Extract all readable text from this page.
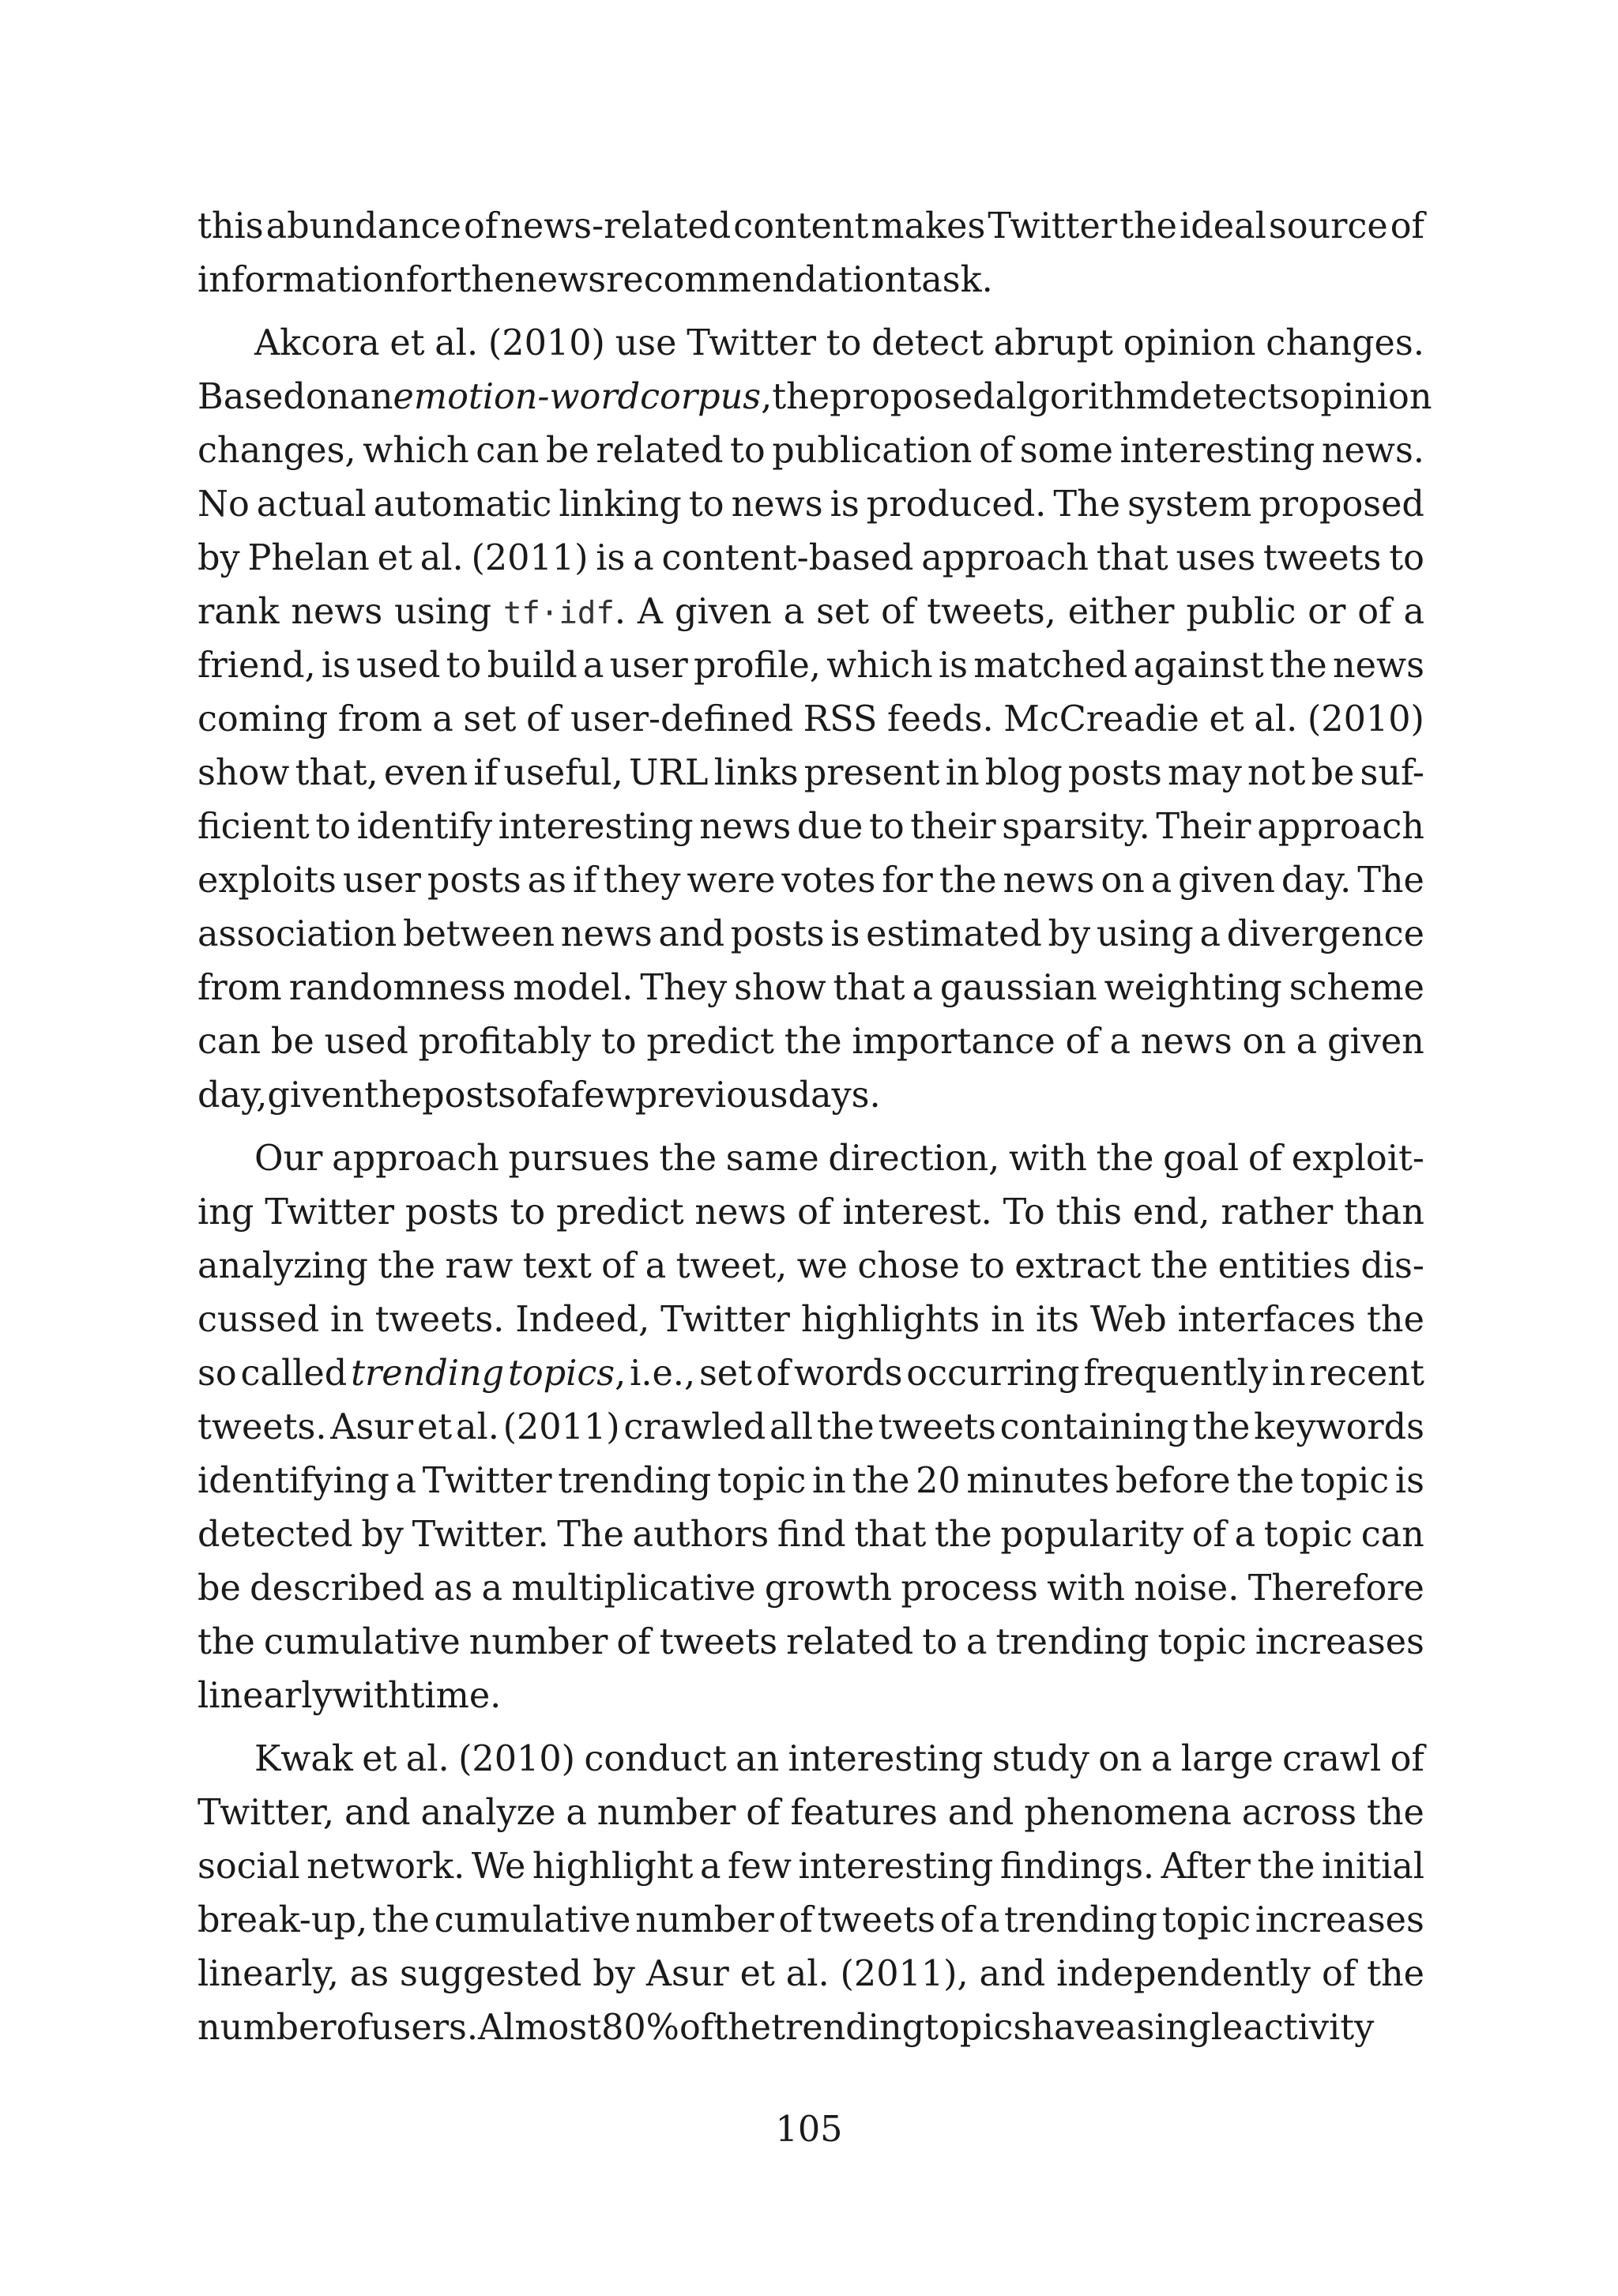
this abundance of news-related content makes Twitter the ideal source of
information for the news recommendation task.
Akcora et al. (2010) use Twitter to detect abrupt opinion changes.
Based on an emotion-word corpus, the proposed algorithm detects opinion
changes, which can be related to publication of some interesting news.
No actual automatic linking to news is produced. The system proposed
by Phelan et al. (2011) is a content-based approach that uses tweets to
rank news using tf·idf. A given a set of tweets, either public or of a
friend, is used to build a user profile, which is matched against the news
coming from a set of user-defined RSS feeds. McCreadie et al. (2010)
show that, even if useful, URL links present in blog posts may not be suf-
ficient to identify interesting news due to their sparsity. Their approach
exploits user posts as if they were votes for the news on a given day. The
association between news and posts is estimated by using a divergence
from randomness model. They show that a gaussian weighting scheme
can be used profitably to predict the importance of a news on a given
day, given the posts of a few previous days.
Our approach pursues the same direction, with the goal of exploit-
ing Twitter posts to predict news of interest. To this end, rather than
analyzing the raw text of a tweet, we chose to extract the entities dis-
cussed in tweets. Indeed, Twitter highlights in its Web interfaces the
so called trending topics, i.e., set of words occurring frequently in recent
tweets. Asur et al. (2011) crawled all the tweets containing the keywords
identifying a Twitter trending topic in the 20 minutes before the topic is
detected by Twitter. The authors find that the popularity of a topic can
be described as a multiplicative growth process with noise. Therefore
the cumulative number of tweets related to a trending topic increases
linearly with time.
Kwak et al. (2010) conduct an interesting study on a large crawl of
Twitter, and analyze a number of features and phenomena across the
social network. We highlight a few interesting findings. After the initial
break-up, the cumulative number of tweets of a trending topic increases
linearly, as suggested by Asur et al. (2011), and independently of the
number of users. Almost 80% of the trending topics have a single activity
105
